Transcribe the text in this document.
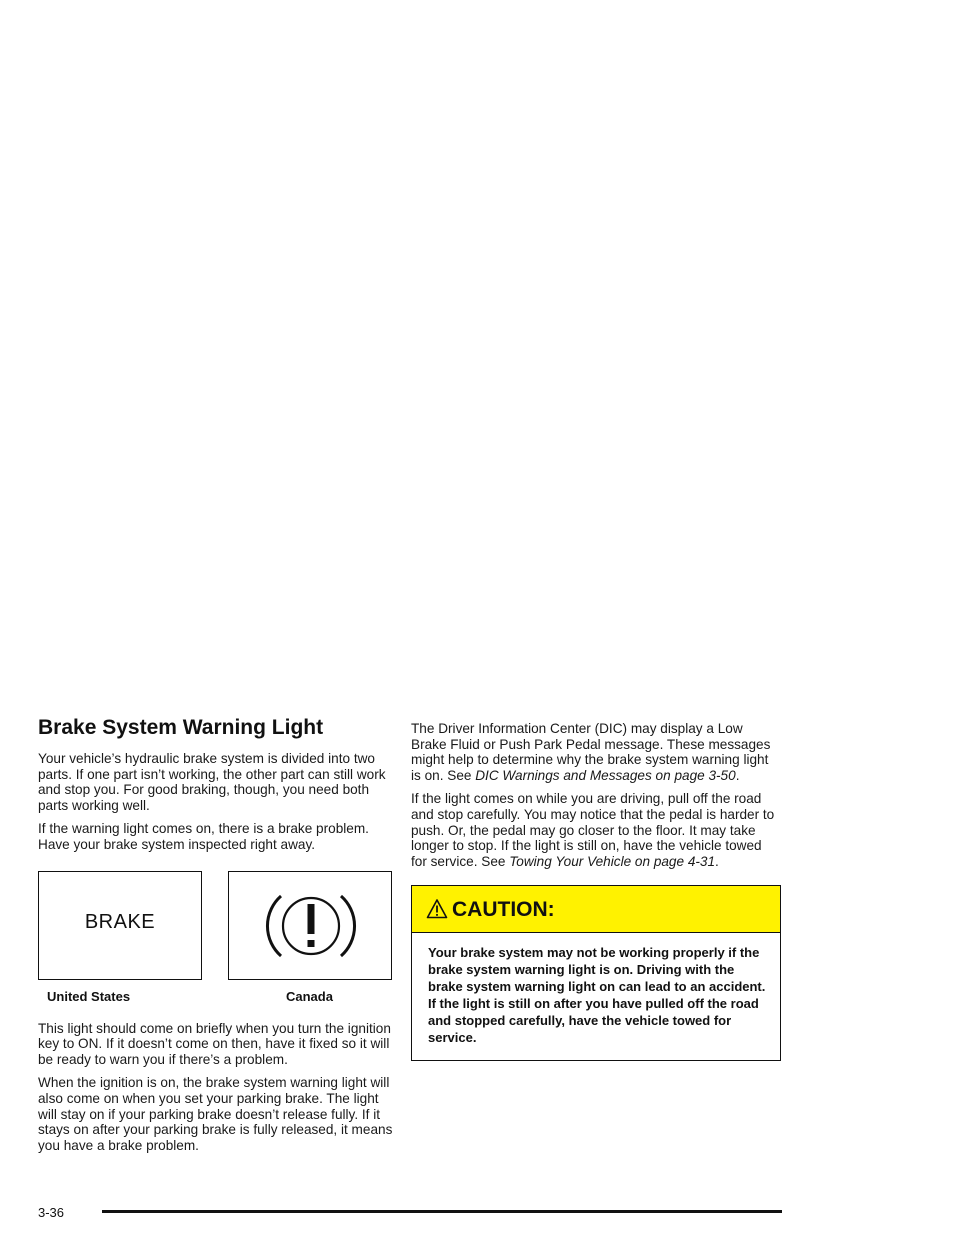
Brake System Warning Light

Your vehicle’s hydraulic brake system is divided into two parts. If one part isn’t working, the other part can still work and stop you. For good braking, though, you need both parts working well.

If the warning light comes on, there is a brake problem. Have your brake system inspected right away.

BRAKE
United States	Canada

This light should come on briefly when you turn the ignition key to ON. If it doesn’t come on then, have it fixed so it will be ready to warn you if there’s a problem.

When the ignition is on, the brake system warning light will also come on when you set your parking brake. The light will stay on if your parking brake doesn’t release fully. If it stays on after your parking brake is fully released, it means you have a brake problem.

The Driver Information Center (DIC) may display a Low Brake Fluid or Push Park Pedal message. These messages might help to determine why the brake system warning light is on. See DIC Warnings and Messages on page 3-50.

If the light comes on while you are driving, pull off the road and stop carefully. You may notice that the pedal is harder to push. Or, the pedal may go closer to the floor. It may take longer to stop. If the light is still on, have the vehicle towed for service. See Towing Your Vehicle on page 4-31.

CAUTION:
Your brake system may not be working properly if the brake system warning light is on. Driving with the brake system warning light on can lead to an accident. If the light is still on after you have pulled off the road and stopped carefully, have the vehicle towed for service.
3-36
